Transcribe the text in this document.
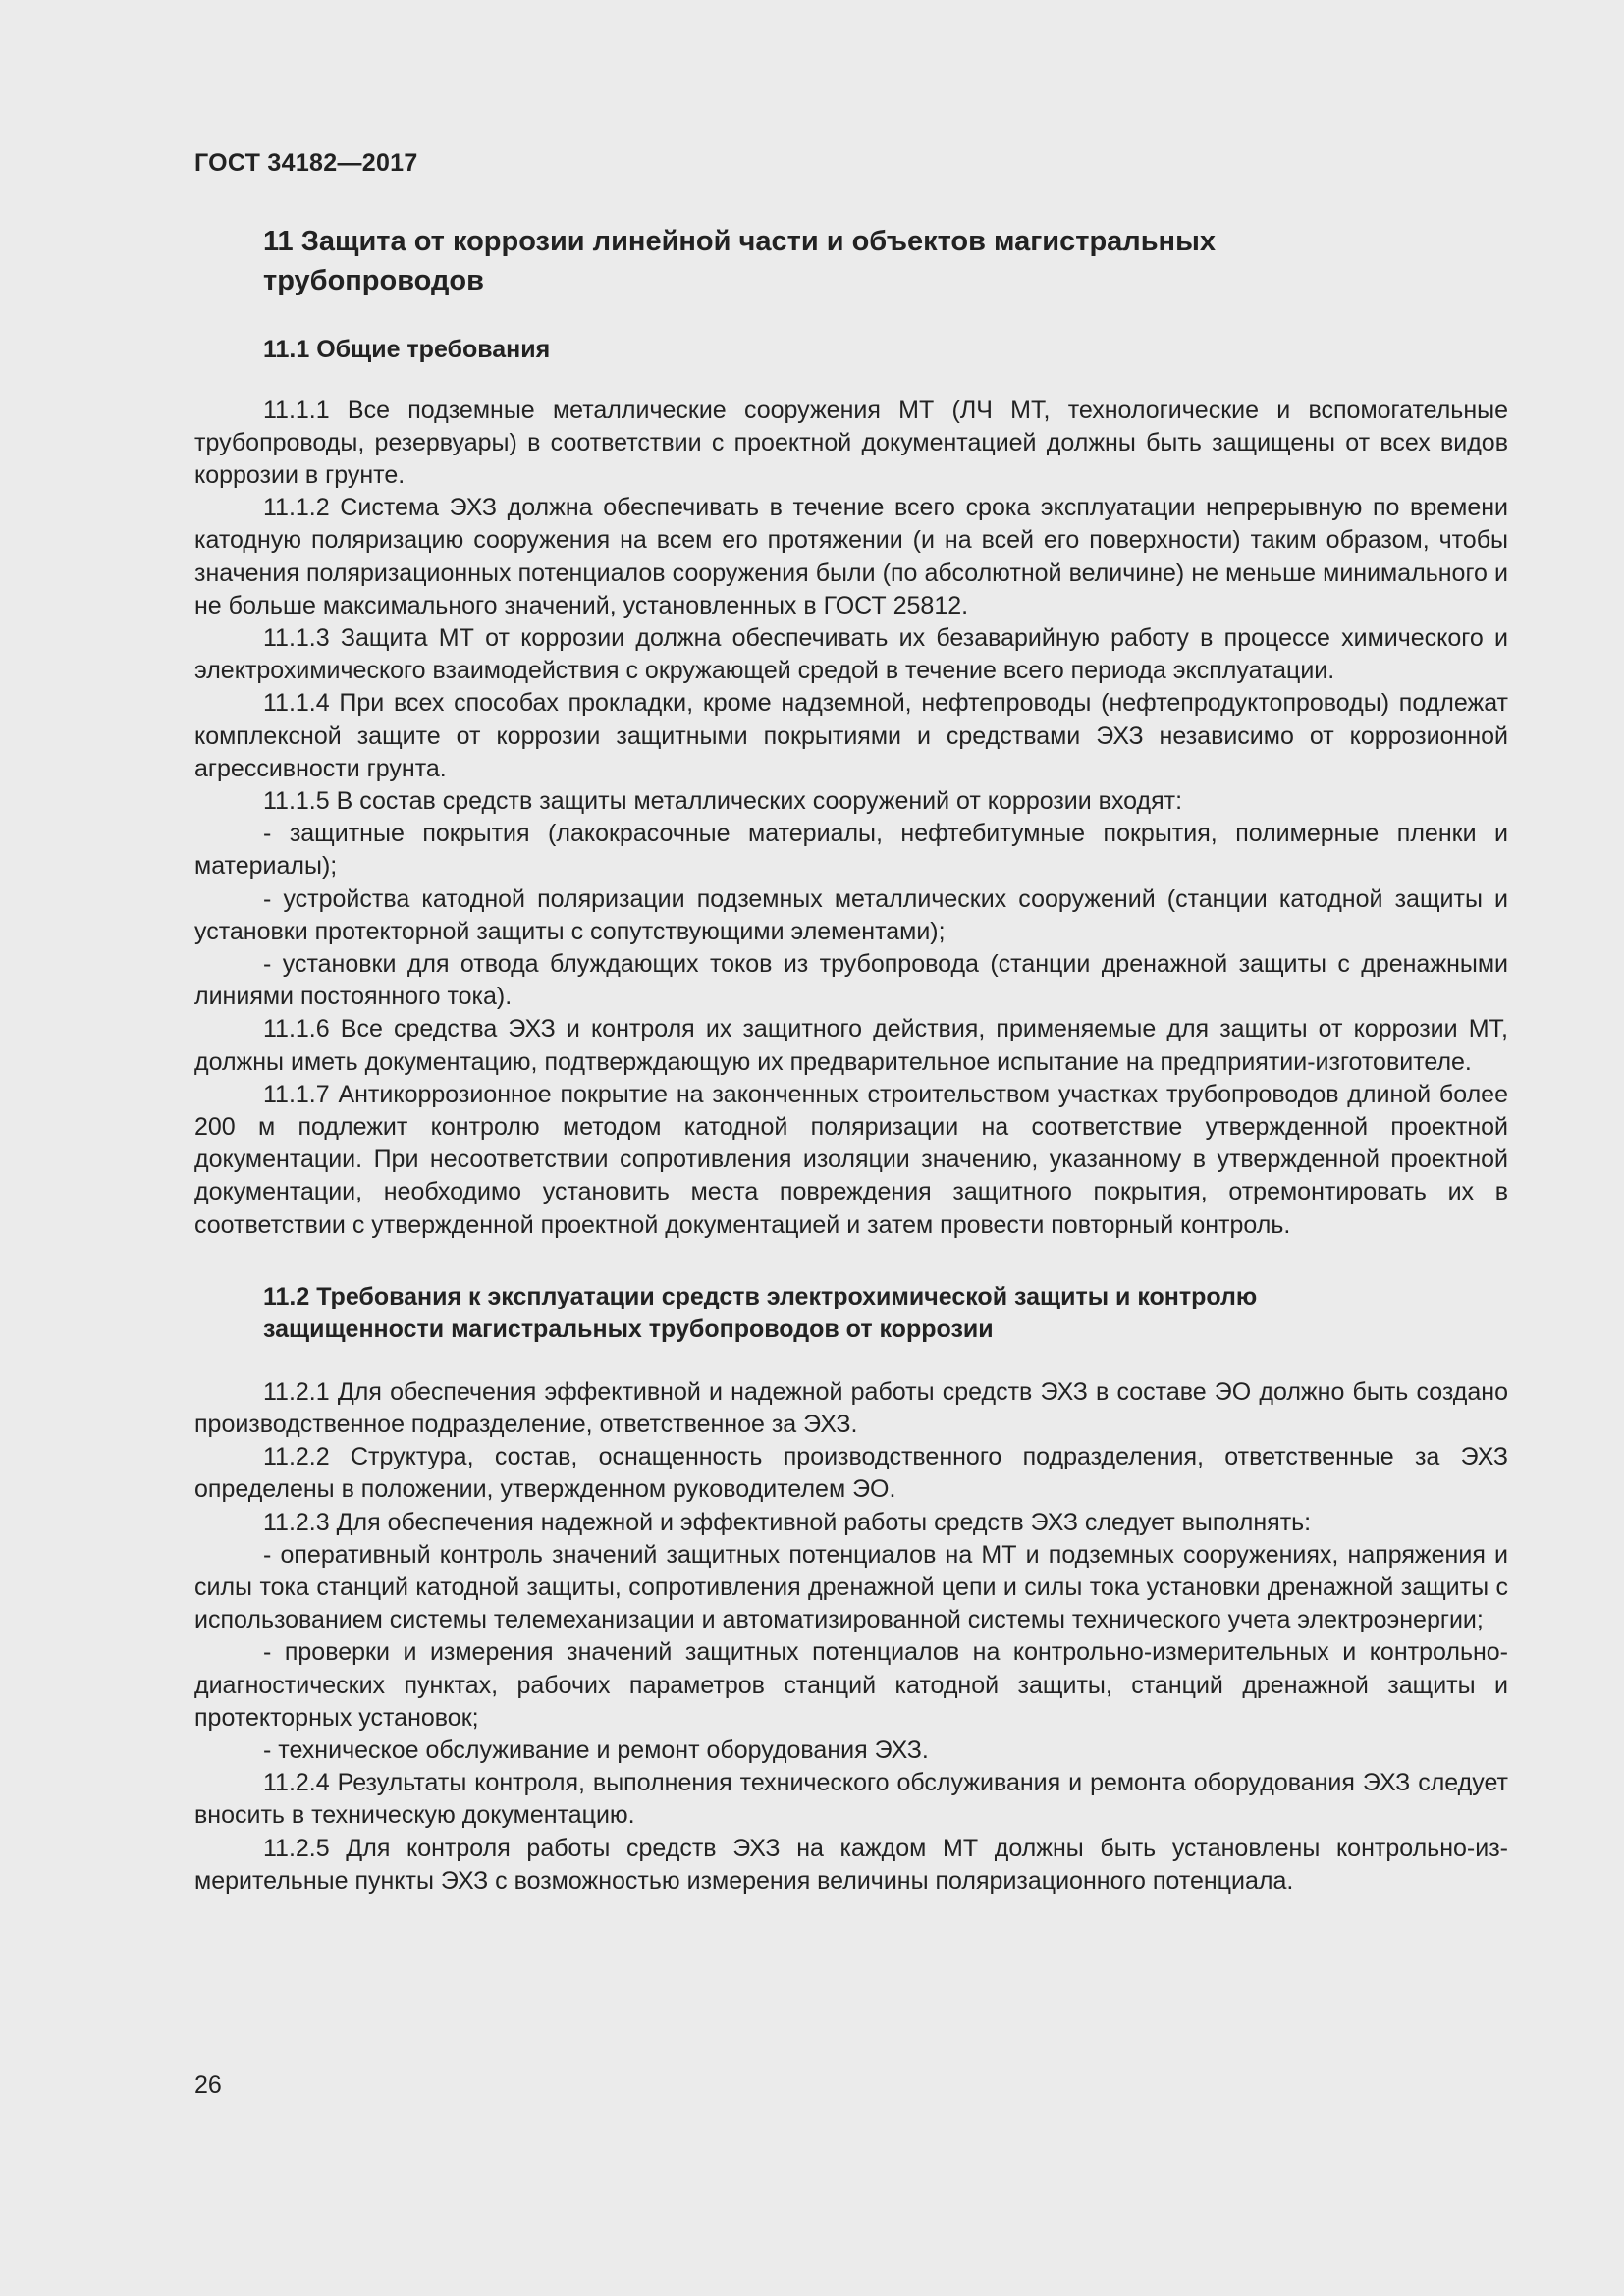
ГОСТ 34182—2017
11 Защита от коррозии линейной части и объектов магистральных
трубопроводов
11.1 Общие требования

11.1.1 Все подземные металлические сооружения МТ (ЛЧ МТ, технологические и вспомогательные трубопроводы, резервуары) в соответствии с проектной документацией должны быть защищены от всех видов коррозии в грунте.

11.1.2 Система ЭХЗ должна обеспечивать в течение всего срока эксплуатации непрерывную по времени катодную поляризацию сооружения на всем его протяжении (и на всей его поверхности) таким образом, чтобы значения поляризационных потенциалов сооружения были (по абсолютной величине) не меньше минимального и не больше максимального значений, установленных в ГОСТ 25812.

11.1.3 Защита МТ от коррозии должна обеспечивать их безаварийную работу в процессе химического и электрохимического взаимодействия с окружающей средой в течение всего периода эксплуатации.

11.1.4 При всех способах прокладки, кроме надземной, нефтепроводы (нефтепродуктопроводы) подлежат комплексной защите от коррозии защитными покрытиями и средствами ЭХЗ независимо от коррозионной агрессивности грунта.

11.1.5 В состав средств защиты металлических сооружений от коррозии входят:

- защитные покрытия (лакокрасочные материалы, нефтебитумные покрытия, полимерные пленки и материалы);

- устройства катодной поляризации подземных металлических сооружений (станции катодной защиты и установки протекторной защиты с сопутствующими элементами);

- установки для отвода блуждающих токов из трубопровода (станции дренажной защиты с дренажными линиями постоянного тока).

11.1.6 Все средства ЭХЗ и контроля их защитного действия, применяемые для защиты от коррозии МТ, должны иметь документацию, подтверждающую их предварительное испытание на предприятии-изготовителе.

11.1.7 Антикоррозионное покрытие на законченных строительством участках трубопроводов длиной более 200 м подлежит контролю методом катодной поляризации на соответствие утвержденной проектной документации. При несоответствии сопротивления изоляции значению, указанному в утвержденной проектной документации, необходимо установить места повреждения защитного покрытия, отремонтировать их в соответствии с утвержденной проектной документацией и затем провести повторный контроль.

11.2 Требования к эксплуатации средств электрохимической защиты и контролю
защищенности магистральных трубопроводов от коррозии

11.2.1 Для обеспечения эффективной и надежной работы средств ЭХЗ в составе ЭО должно быть создано производственное подразделение, ответственное за ЭХЗ.

11.2.2 Структура, состав, оснащенность производственного подразделения, ответственные за ЭХЗ определены в положении, утвержденном руководителем ЭО.

11.2.3 Для обеспечения надежной и эффективной работы средств ЭХЗ следует выполнять:

- оперативный контроль значений защитных потенциалов на МТ и подземных сооружениях, напряжения и силы тока станций катодной защиты, сопротивления дренажной цепи и силы тока установки дренажной защиты с использованием системы телемеханизации и автоматизированной системы технического учета электроэнергии;

- проверки и измерения значений защитных потенциалов на контрольно-измерительных и контрольно-диагностических пунктах, рабочих параметров станций катодной защиты, станций дренажной защиты и протекторных установок;

- техническое обслуживание и ремонт оборудования ЭХЗ.

11.2.4 Результаты контроля, выполнения технического обслуживания и ремонта оборудования ЭХЗ следует вносить в техническую документацию.

11.2.5 Для контроля работы средств ЭХЗ на каждом МТ должны быть установлены контрольно-измерительные пункты ЭХЗ с возможностью измерения величины поляризационного потенциала.

26
